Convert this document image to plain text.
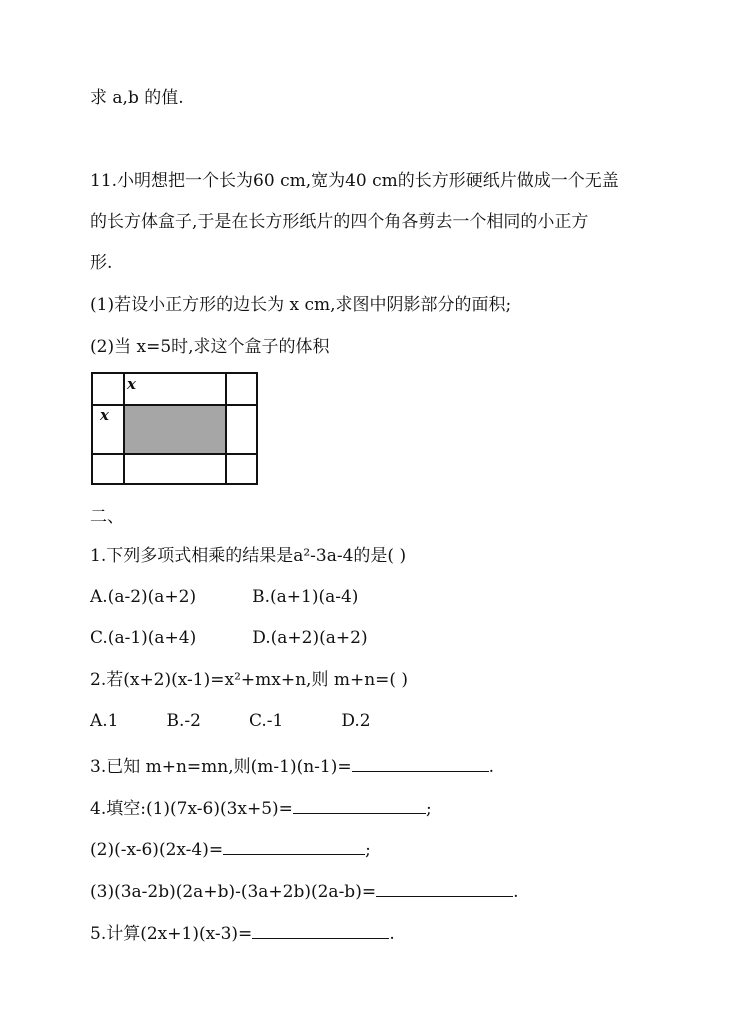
求 a,b 的值.
11.小明想把一个长为60 cm,宽为40 cm的长方形硬纸片做成一个无盖
的长方体盒子,于是在长方形纸片的四个角各剪去一个相同的小正方
形.
(1)若设小正方形的边长为 x cm,求图中阴影部分的面积;
(2)当 x=5时,求这个盒子的体积
x
x
二、
1.下列多项式相乘的结果是a²-3a-4的是( )
A.(a-2)(a+2)	B.(a+1)(a-4)
C.(a-1)(a+4)	D.(a+2)(a+2)
2.若(x+2)(x-1)=x²+mx+n,则 m+n=( )
A.1	B.-2	C.-1	D.2
3.已知 m+n=mn,则(m-1)(n-1)=	.
4.填空:(1)(7x-6)(3x+5)=	;
(2)(-x-6)(2x-4)=	;
(3)(3a-2b)(2a+b)-(3a+2b)(2a-b)=	.
5.计算(2x+1)(x-3)=	.
